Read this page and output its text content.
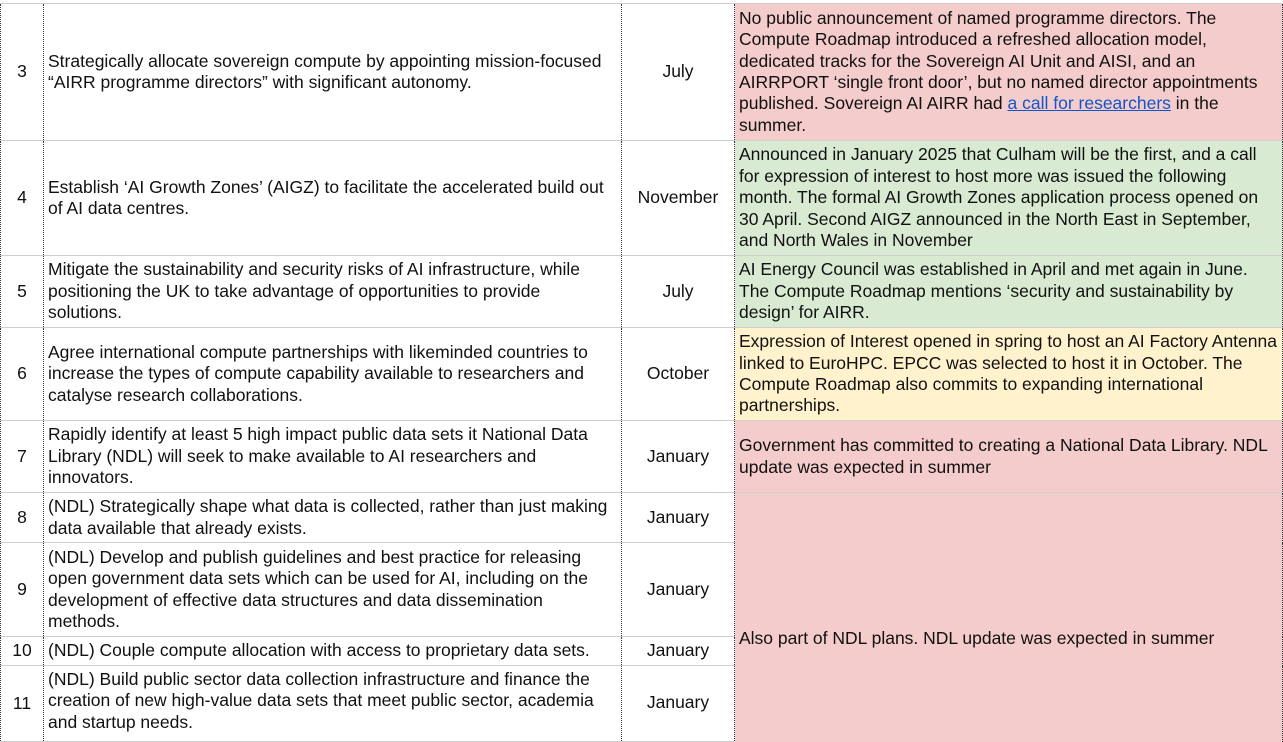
3	Strategically allocate sovereign compute by appointing mission-focused “AIRR programme directors” with significant autonomy.	July	No public announcement of named programme directors. The Compute Roadmap introduced a refreshed allocation model, dedicated tracks for the Sovereign AI Unit and AISI, and an AIRRPORT ‘single front door’, but no named director appointments published. Sovereign AI AIRR had a call for researchers in the summer.
4	Establish ‘AI Growth Zones’ (AIGZ) to facilitate the accelerated build out of AI data centres.	November	Announced in January 2025 that Culham will be the first, and a call for expression of interest to host more was issued the following month. The formal AI Growth Zones application process opened on 30 April. Second AIGZ announced in the North East in September, and North Wales in November
5	Mitigate the sustainability and security risks of AI infrastructure, while positioning the UK to take advantage of opportunities to provide solutions.	July	AI Energy Council was established in April and met again in June. The Compute Roadmap mentions ‘security and sustainability by design’ for AIRR.
6	Agree international compute partnerships with likeminded countries to increase the types of compute capability available to researchers and catalyse research collaborations.	October	Expression of Interest opened in spring to host an AI Factory Antenna linked to EuroHPC. EPCC was selected to host it in October. The Compute Roadmap also commits to expanding international partnerships.
7	Rapidly identify at least 5 high impact public data sets it National Data Library (NDL) will seek to make available to AI researchers and innovators.	January	Government has committed to creating a National Data Library. NDL update was expected in summer
8	(NDL) Strategically shape what data is collected, rather than just making data available that already exists.	January	Also part of NDL plans. NDL update was expected in summer
9	(NDL) Develop and publish guidelines and best practice for releasing open government data sets which can be used for AI, including on the development of effective data structures and data dissemination methods.	January	
10	(NDL) Couple compute allocation with access to proprietary data sets.	January	
11	(NDL) Build public sector data collection infrastructure and finance the creation of new high-value data sets that meet public sector, academia and startup needs.	January	
